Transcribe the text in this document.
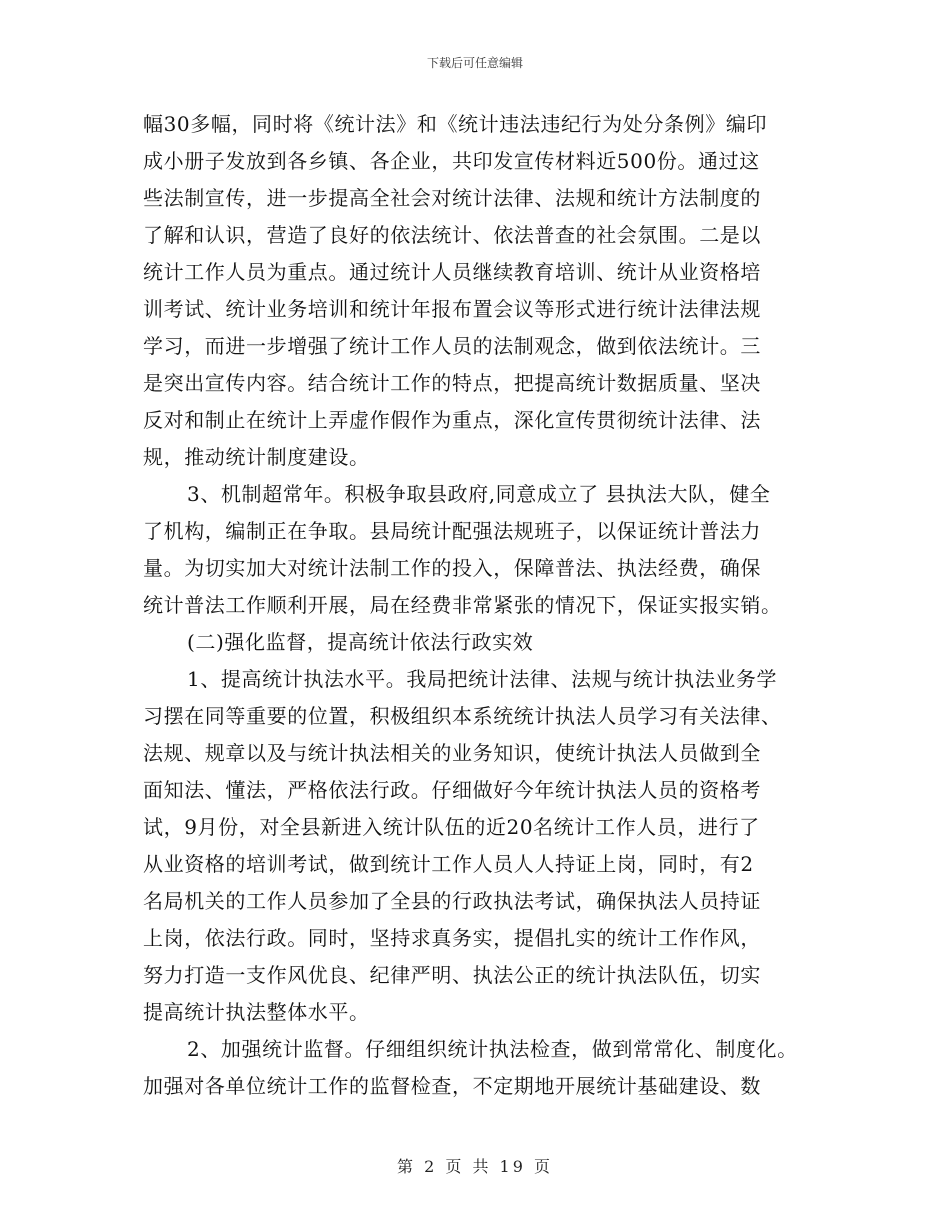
下载后可任意编辑
幅30多幅，同时将《统计法》和《统计违法违纪行为处分条例》编印
成小册子发放到各乡镇、各企业，共印发宣传材料近500份。通过这
些法制宣传，进一步提高全社会对统计法律、法规和统计方法制度的
了解和认识，营造了良好的依法统计、依法普查的社会氛围。二是以
统计工作人员为重点。通过统计人员继续教育培训、统计从业资格培
训考试、统计业务培训和统计年报布置会议等形式进行统计法律法规
学习，而进一步增强了统计工作人员的法制观念，做到依法统计。三
是突出宣传内容。结合统计工作的特点，把提高统计数据质量、坚决
反对和制止在统计上弄虚作假作为重点，深化宣传贯彻统计法律、法
规，推动统计制度建设。
3、机制超常年。积极争取县政府,同意成立了 县执法大队，健全
了机构，编制正在争取。县局统计配强法规班子，以保证统计普法力
量。为切实加大对统计法制工作的投入，保障普法、执法经费，确保
统计普法工作顺利开展，局在经费非常紧张的情况下，保证实报实销。
(二)强化监督，提高统计依法行政实效
1、提高统计执法水平。我局把统计法律、法规与统计执法业务学
习摆在同等重要的位置，积极组织本系统统计执法人员学习有关法律、
法规、规章以及与统计执法相关的业务知识，使统计执法人员做到全
面知法、懂法，严格依法行政。仔细做好今年统计执法人员的资格考
试，9月份，对全县新进入统计队伍的近20名统计工作人员，进行了
从业资格的培训考试，做到统计工作人员人人持证上岗，同时，有2
名局机关的工作人员参加了全县的行政执法考试，确保执法人员持证
上岗，依法行政。同时，坚持求真务实，提倡扎实的统计工作作风，
努力打造一支作风优良、纪律严明、执法公正的统计执法队伍，切实
提高统计执法整体水平。
2、加强统计监督。仔细组织统计执法检查，做到常常化、制度化。
加强对各单位统计工作的监督检查，不定期地开展统计基础建设、数
第 2 页 共 19 页
